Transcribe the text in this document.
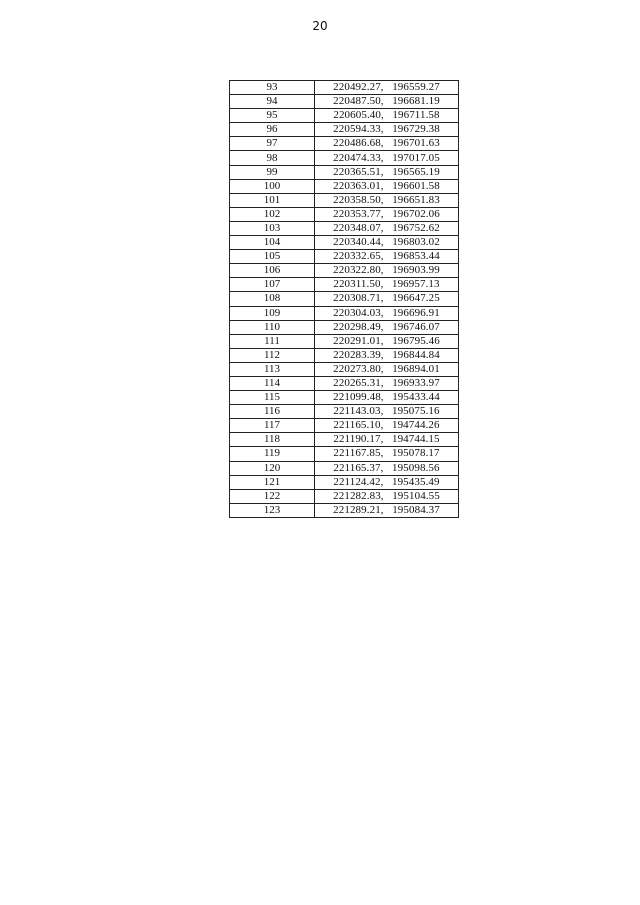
20
93	220492.27,   196559.27
94	220487.50,   196681.19
95	220605.40,   196711.58
96	220594.33,   196729.38
97	220486.68,   196701.63
98	220474.33,   197017.05
99	220365.51,   196565.19
100	220363.01,   196601.58
101	220358.50,   196651.83
102	220353.77,   196702.06
103	220348.07,   196752.62
104	220340.44,   196803.02
105	220332.65,   196853.44
106	220322.80,   196903.99
107	220311.50,   196957.13
108	220308.71,   196647.25
109	220304.03,   196696.91
110	220298.49,   196746.07
111	220291.01,   196795.46
112	220283.39,   196844.84
113	220273.80,   196894.01
114	220265.31,   196933.97
115	221099.48,   195433.44
116	221143.03,   195075.16
117	221165.10,   194744.26
118	221190.17,   194744.15
119	221167.85,   195078.17
120	221165.37,   195098.56
121	221124.42,   195435.49
122	221282.83,   195104.55
123	221289.21,   195084.37
